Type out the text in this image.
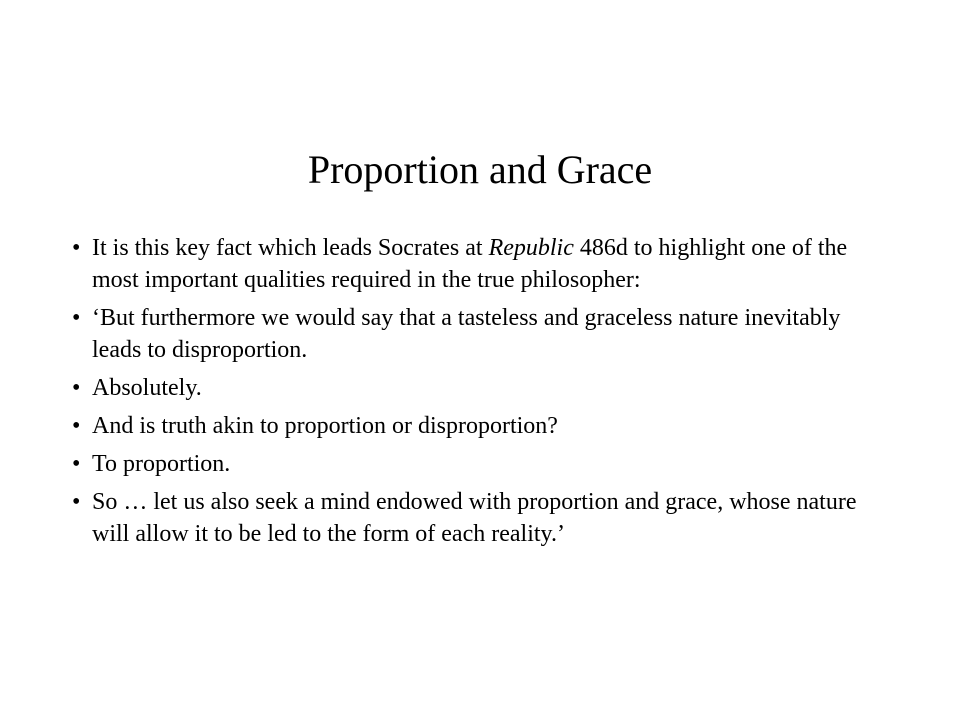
Proportion and Grace
• It is this key fact which leads Socrates at Republic 486d to highlight one of the most important qualities required in the true philosopher:
• ‘But furthermore we would say that a tasteless and graceless nature inevitably leads to disproportion.
• Absolutely.
• And is truth akin to proportion or disproportion?
• To proportion.
• So … let us also seek a mind endowed with proportion and grace, whose nature will allow it to be led to the form of each reality.’
